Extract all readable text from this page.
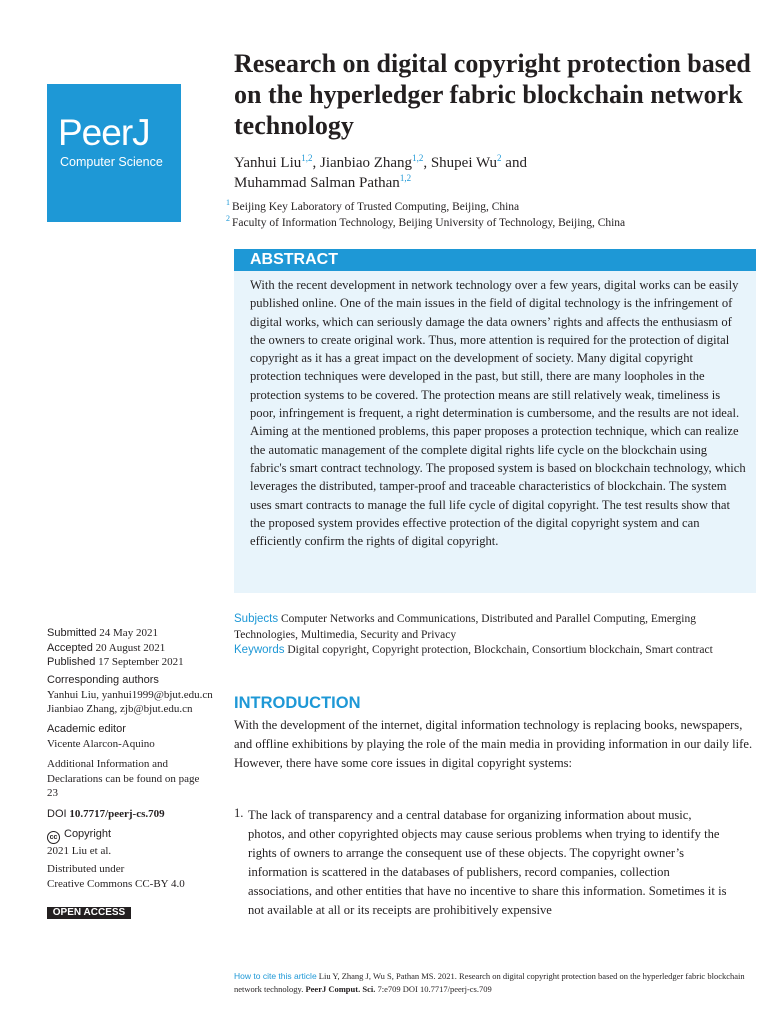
PeerJ
Computer Science
Research on digital copyright protection based on the hyperledger fabric blockchain network technology
Yanhui Liu$^{1,2}$, Jianbiao Zhang$^{1,2}$, Shupei Wu$^2$ and
Muhammad Salman Pathan$^{1,2}$
$^1$ Beijing Key Laboratory of Trusted Computing, Beijing, China
$^2$ Faculty of Information Technology, Beijing University of Technology, Beijing, China
ABSTRACT
With the recent development in network technology over a few years, digital works can be easily published online. One of the main issues in the field of digital technology is the infringement of digital works, which can seriously damage the data owners’ rights and affects the enthusiasm of the owners to create original work. Thus, more attention is required for the protection of digital copyright as it has a great impact on the development of society. Many digital copyright protection techniques were developed in the past, but still, there are many loopholes in the protection systems to be covered. The protection means are still relatively weak, timeliness is poor, infringement is frequent, a right determination is cumbersome, and the results are not ideal. Aiming at the mentioned problems, this paper proposes a protection technique, which can realize the automatic management of the complete digital rights life cycle on the blockchain using fabric's smart contract technology. The proposed system is based on blockchain technology, which leverages the distributed, tamper-proof and traceable characteristics of blockchain. The system uses smart contracts to manage the full life cycle of digital copyright. The test results show that the proposed system provides effective protection of the digital copyright system and can efficiently confirm the rights of digital copyright.
Subjects Computer Networks and Communications, Distributed and Parallel Computing, Emerging Technologies, Multimedia, Security and Privacy
Keywords Digital copyright, Copyright protection, Blockchain, Consortium blockchain, Smart contract
Submitted 24 May 2021
Accepted 20 August 2021
Published 17 September 2021
Corresponding authors
Yanhui Liu, yanhui1999@bjut.edu.cn
Jianbiao Zhang, zjb@bjut.edu.cn
Academic editor
Vicente Alarcon-Aquino
Additional Information and Declarations can be found on page 23
DOI 10.7717/peerj-cs.709
cc Copyright
2021 Liu et al.
Distributed under
Creative Commons CC-BY 4.0
OPEN ACCESS
INTRODUCTION
With the development of the internet, digital information technology is replacing books, newspapers, and offline exhibitions by playing the role of the main media in providing information in our daily life. However, there have some core issues in digital copyright systems:
1. The lack of transparency and a central database for organizing information about music, photos, and other copyrighted objects may cause serious problems when trying to identify the rights of owners to arrange the consequent use of these objects. The copyright owner’s information is scattered in the databases of publishers, record companies, collection associations, and other entities that have no incentive to share this information. Sometimes it is not available at all or its receipts are prohibitively expensive
How to cite this article Liu Y, Zhang J, Wu S, Pathan MS. 2021. Research on digital copyright protection based on the hyperledger fabric blockchain network technology. PeerJ Comput. Sci. 7:e709 DOI 10.7717/peerj-cs.709
